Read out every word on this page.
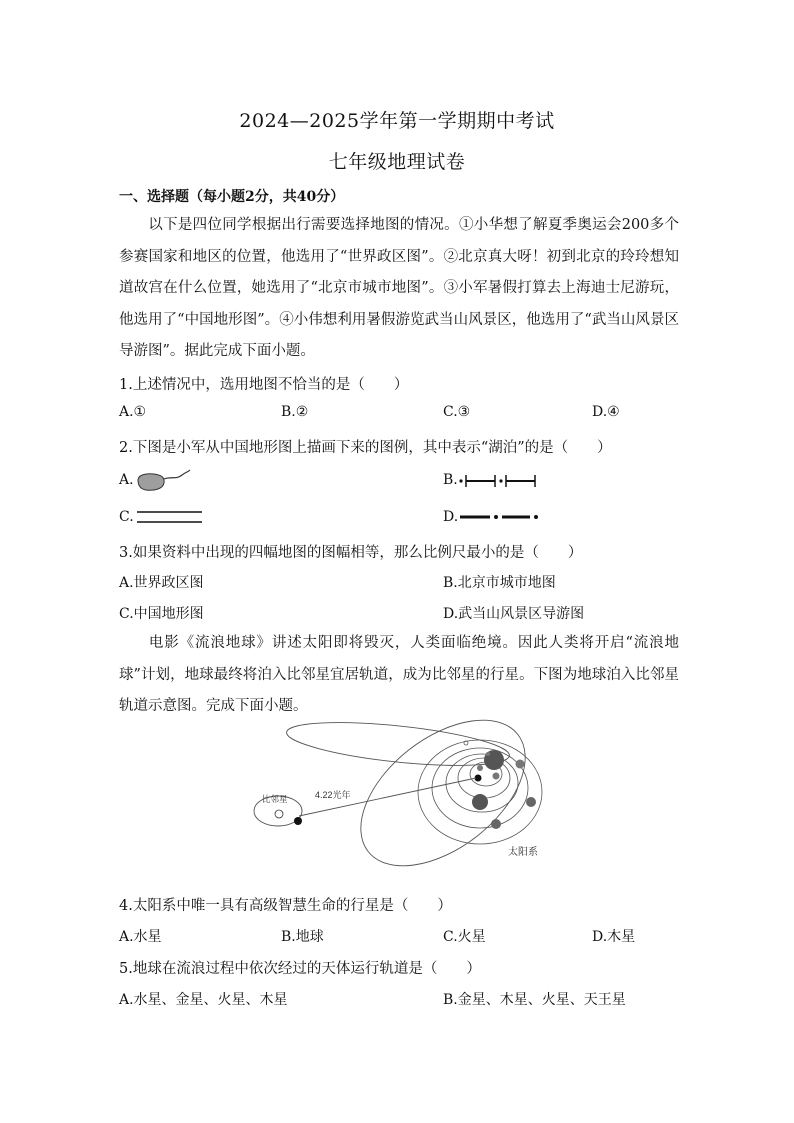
2024—2025学年第一学期期中考试
七年级地理试卷
一、选择题（每小题2分，共40分）
以下是四位同学根据出行需要选择地图的情况。①小华想了解夏季奥运会200多个参赛国家和地区的位置，他选用了“世界政区图”。②北京真大呀！初到北京的玲玲想知道故宫在什么位置，她选用了“北京市城市地图”。③小军暑假打算去上海迪士尼游玩，他选用了“中国地形图”。④小伟想利用暑假游览武当山风景区，他选用了“武当山风景区导游图”。据此完成下面小题。
1.上述情况中，选用地图不恰当的是（　　）
A.①	B.②	C.③	D.④
2.下图是小军从中国地形图上描画下来的图例，其中表示“湖泊”的是（　　）
A.	B.
C.	D.
3.如果资料中出现的四幅地图的图幅相等，那么比例尺最小的是（　　）
A.世界政区图	B.北京市城市地图
C.中国地形图	D.武当山风景区导游图
电影《流浪地球》讲述太阳即将毁灭，人类面临绝境。因此人类将开启“流浪地球”计划，地球最终将泊入比邻星宜居轨道，成为比邻星的行星。下图为地球泊入比邻星轨道示意图。完成下面小题。
比邻星	4.22光年
太阳系
4.太阳系中唯一具有高级智慧生命的行星是（　　）
A.水星	B.地球	C.火星	D.木星
5.地球在流浪过程中依次经过的天体运行轨道是（　　）
A.水星、金星、火星、木星	B.金星、木星、火星、天王星
